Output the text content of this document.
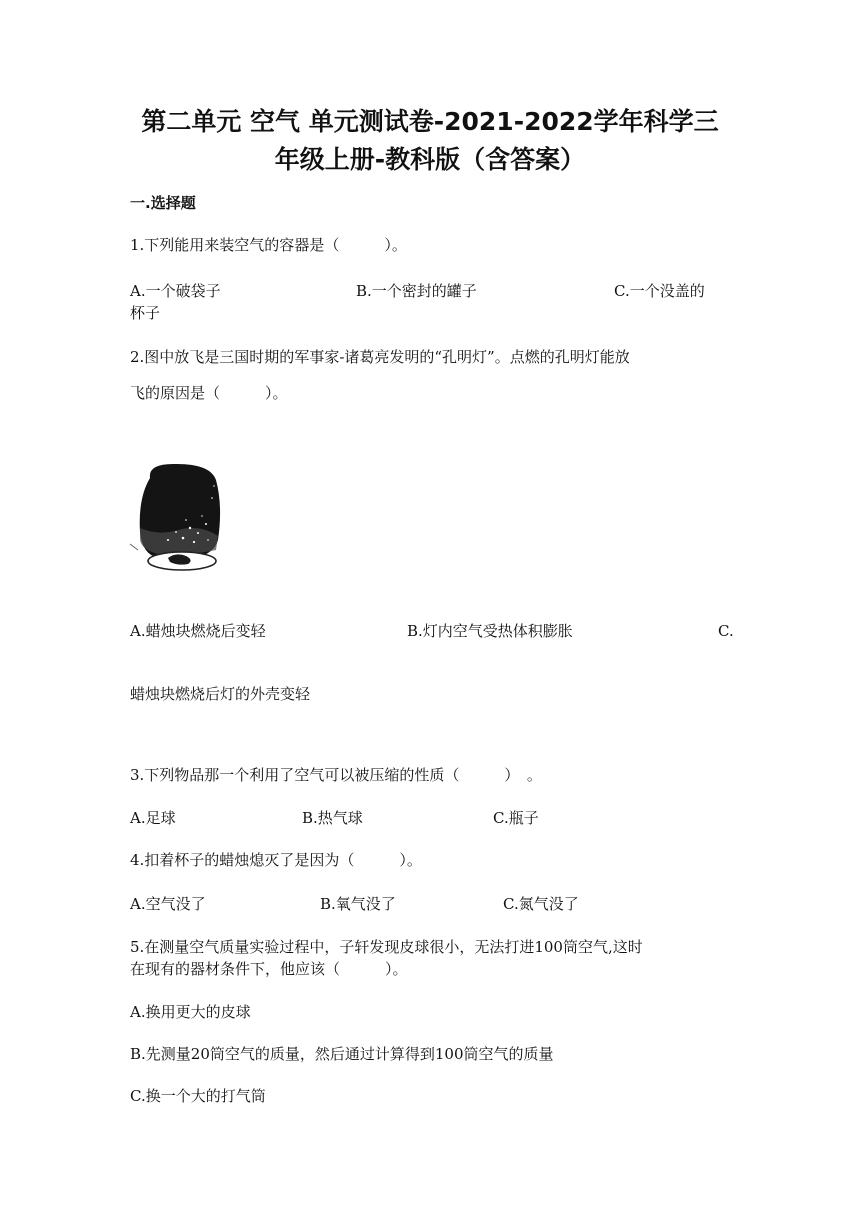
第二单元 空气 单元测试卷-2021-2022学年科学三
年级上册-教科版（含答案）
一.选择题
1.下列能用来装空气的容器是（　　　）。
A.一个破袋子	B.一个密封的罐子	C.一个没盖的
杯子
2.图中放飞是三国时期的军事家-诸葛亮发明的“孔明灯”。点燃的孔明灯能放
飞的原因是（　　　）。
A.蜡烛块燃烧后变轻	B.灯内空气受热体积膨胀	C.
蜡烛块燃烧后灯的外壳变轻
3.下列物品那一个利用了空气可以被压缩的性质（　　　）　。
A.足球	B.热气球	C.瓶子
4.扣着杯子的蜡烛熄灭了是因为（　　　）。
A.空气没了	B.氧气没了	C.氮气没了
5.在测量空气质量实验过程中，子轩发现皮球很小，无法打进100筒空气,这时
在现有的器材条件下，他应该（　　　）。
A.换用更大的皮球
B.先测量20筒空气的质量，然后通过计算得到100筒空气的质量
C.换一个大的打气筒
